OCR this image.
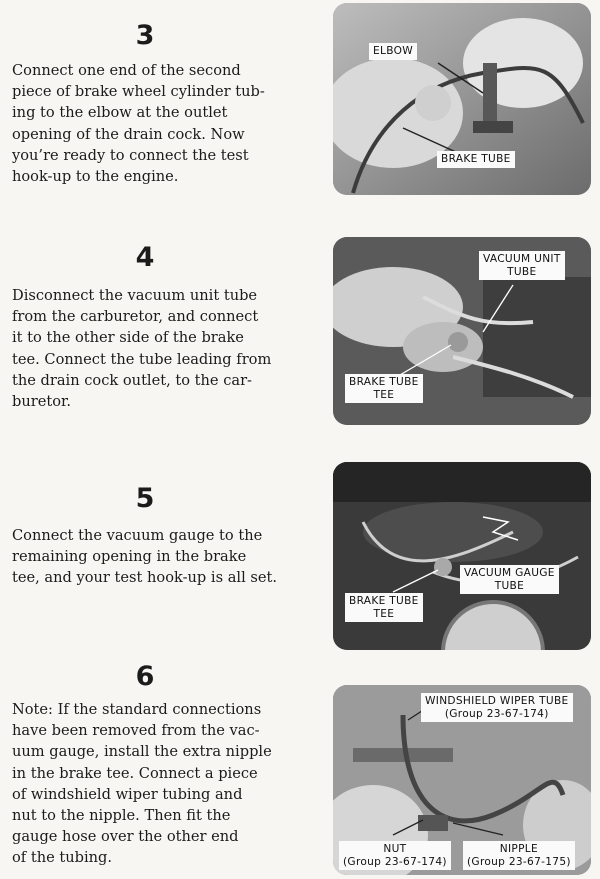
3
Connect one end of the second
piece of brake wheel cylinder tub-
ing to the elbow at the outlet
opening of the drain cock. Now
you’re ready to connect the test
hook-up to the engine.
ELBOW
BRAKE TUBE
4
Disconnect the vacuum unit tube
from the carburetor, and connect
it to the other side of the brake
tee. Connect the tube leading from
the drain cock outlet, to the car-
buretor.
VACUUM UNIT
TUBE
BRAKE TUBE
TEE
5
Connect the vacuum gauge to the
remaining opening in the brake
tee, and your test hook-up is all set.	VACUUM GAUGE
TUBE
BRAKE TUBE
TEE
6
Note: If the standard connections
have been removed from the vac-
uum gauge, install the extra nipple
in the brake tee. Connect a piece
of windshield wiper tubing and
nut to the nipple. Then fit the
gauge hose over the other end
of the tubing.
WINDSHIELD WIPER TUBE
(Group 23-67-174)
NUT
(Group 23-67-174)
NIPPLE
(Group 23-67-175)
